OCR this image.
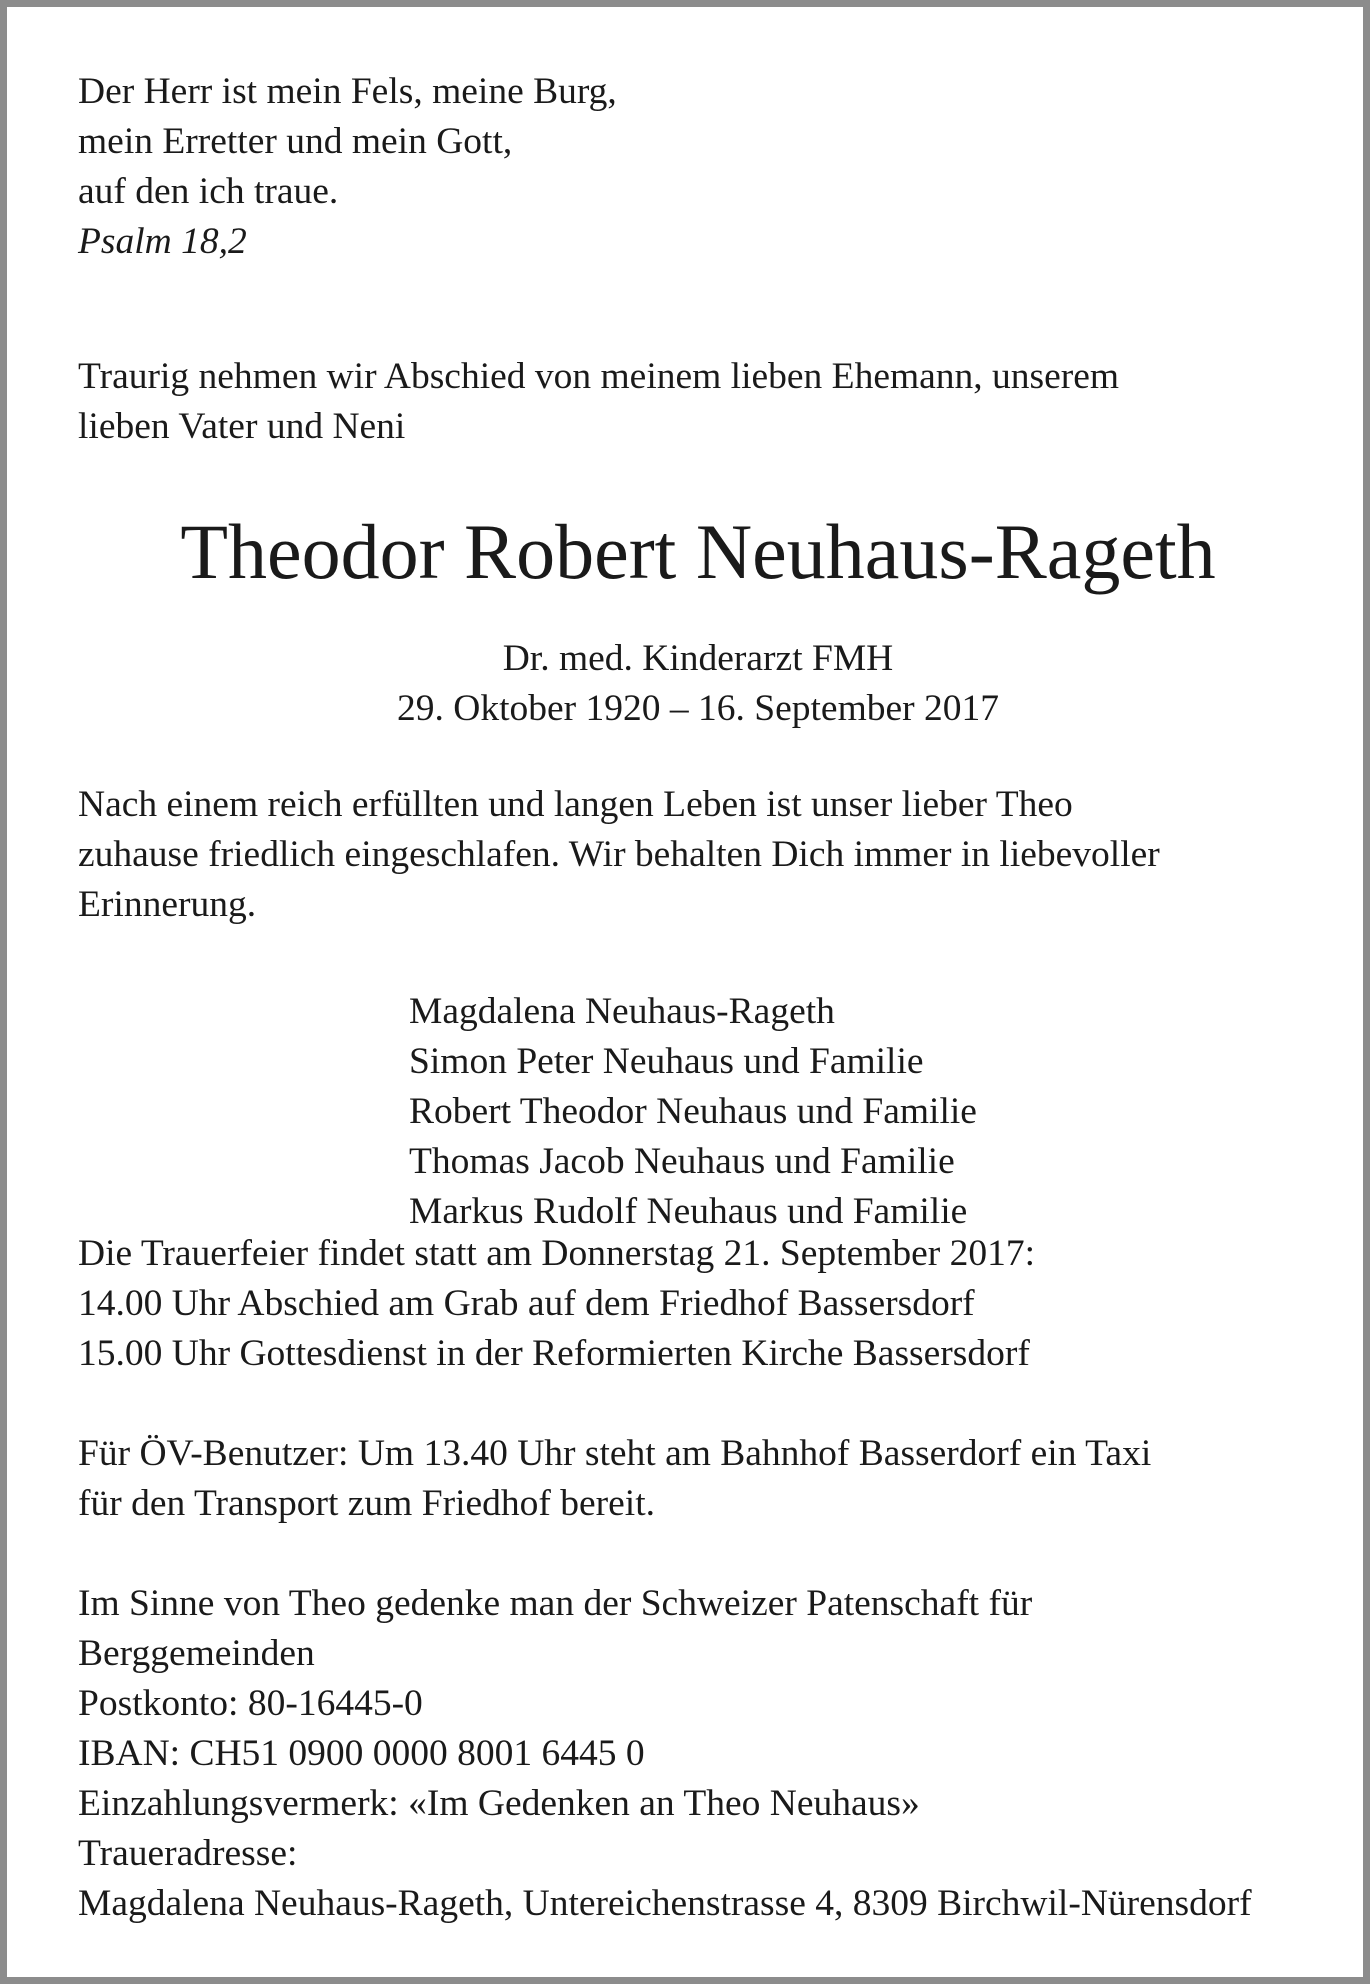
Der Herr ist mein Fels, meine Burg,
mein Erretter und mein Gott,
auf den ich traue.
Psalm 18,2
Traurig nehmen wir Abschied von meinem lieben Ehemann, unserem
lieben Vater und Neni
Theodor Robert Neuhaus-Rageth
Dr. med. Kinderarzt FMH
29. Oktober 1920 – 16. September 2017
Nach einem reich erfüllten und langen Leben ist unser lieber Theo
zuhause friedlich eingeschlafen. Wir behalten Dich immer in liebevoller
Erinnerung.
Magdalena Neuhaus-Rageth
Simon Peter Neuhaus und Familie
Robert Theodor Neuhaus und Familie
Thomas Jacob Neuhaus und Familie
Markus Rudolf Neuhaus und Familie
Die Trauerfeier findet statt am Donnerstag 21. September 2017:
14.00 Uhr Abschied am Grab auf dem Friedhof Bassersdorf
15.00 Uhr Gottesdienst in der Reformierten Kirche Bassersdorf
Für ÖV-Benutzer: Um 13.40 Uhr steht am Bahnhof Basserdorf ein Taxi
für den Transport zum Friedhof bereit.
Im Sinne von Theo gedenke man der Schweizer Patenschaft für
Berggemeinden
Postkonto: 80-16445-0
IBAN: CH51 0900 0000 8001 6445 0
Einzahlungsvermerk: «Im Gedenken an Theo Neuhaus»
Traueradresse:
Magdalena Neuhaus-Rageth, Untereichenstrasse 4, 8309 Birchwil-Nürensdorf
